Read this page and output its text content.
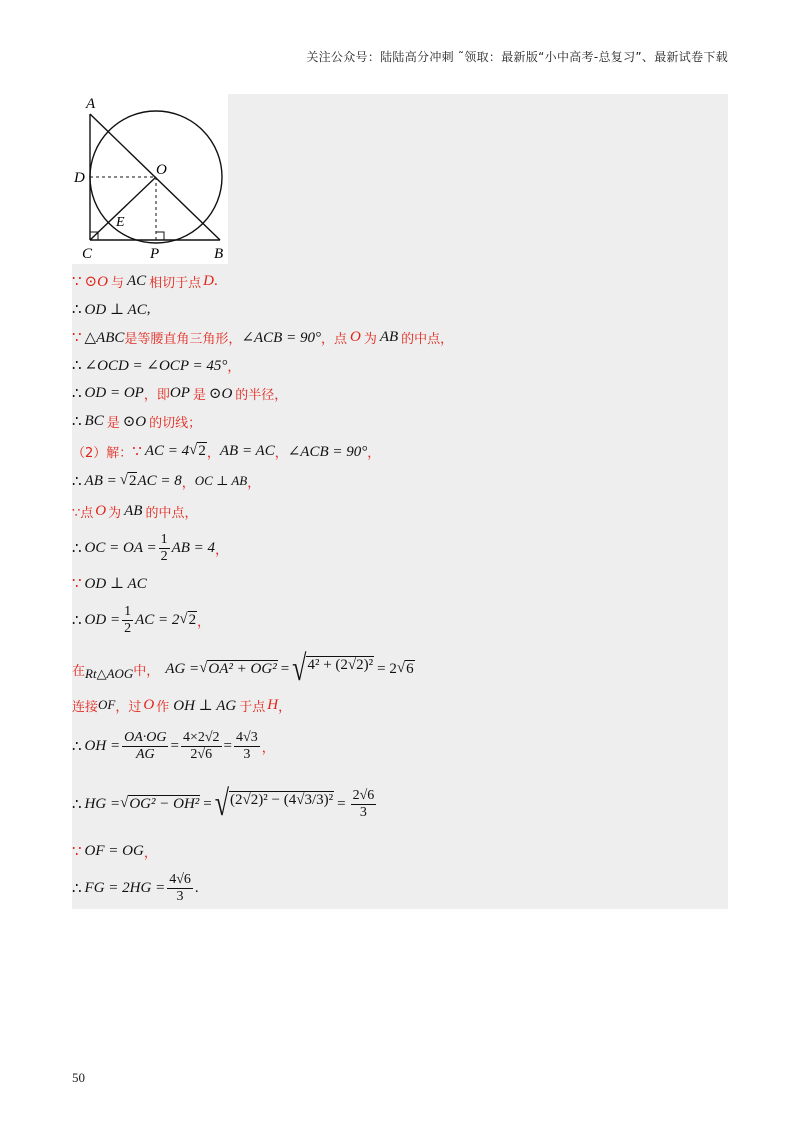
关注公众号：陆陆高分冲刺 ˜领取：最新版“小中高考-总复习”、最新试卷下载
A
D	O
E
C	P	B
∵ ⊙O 与 AC 相切于点 D .
∴ OD ⊥ AC ,
∵ △ABC 是等腰直角三角形， ∠ACB = 90° ，点 O 为 AB 的中点，
∴ ∠OCD = ∠OCP = 45° ，
∴ OD = OP ，即 OP 是 ⊙O 的半径，
∴ BC 是 ⊙O 的切线；
（2）解： ∵ AC = 4 √ 2 ， AB = AC ， ∠ACB = 90° ，
∴ AB = √ 2 AC = 8 ， OC ⊥ AB ，
∵点 O 为 AB 的中点，
∴ OC = OA = $\frac{1}{2}$ AB = 4 ，
∵ OD ⊥ AC
∴ OD = $\frac{1}{2}$ AC = 2 √ 2 ，
在 Rt△AOG 中， AG = √ OA² + OG² = √ 4² + (2√2)² = 2 √ 6
连接 OF ，过 O 作 OH ⊥ AG 于点 H ，
∴ OH = $\frac{OA\cdot OG}{AG} = \frac{4\times 2√2}{2√6} = \frac{4√3}{3}$ ，
∴ HG = √ OG² − OH² = √ $(2√2)^2 - (4√3/3)^2 = \frac{2√6}{3}$
∵ OF = OG ，
∴ FG = $2HG = \frac{4√6}{3}$ .
50
